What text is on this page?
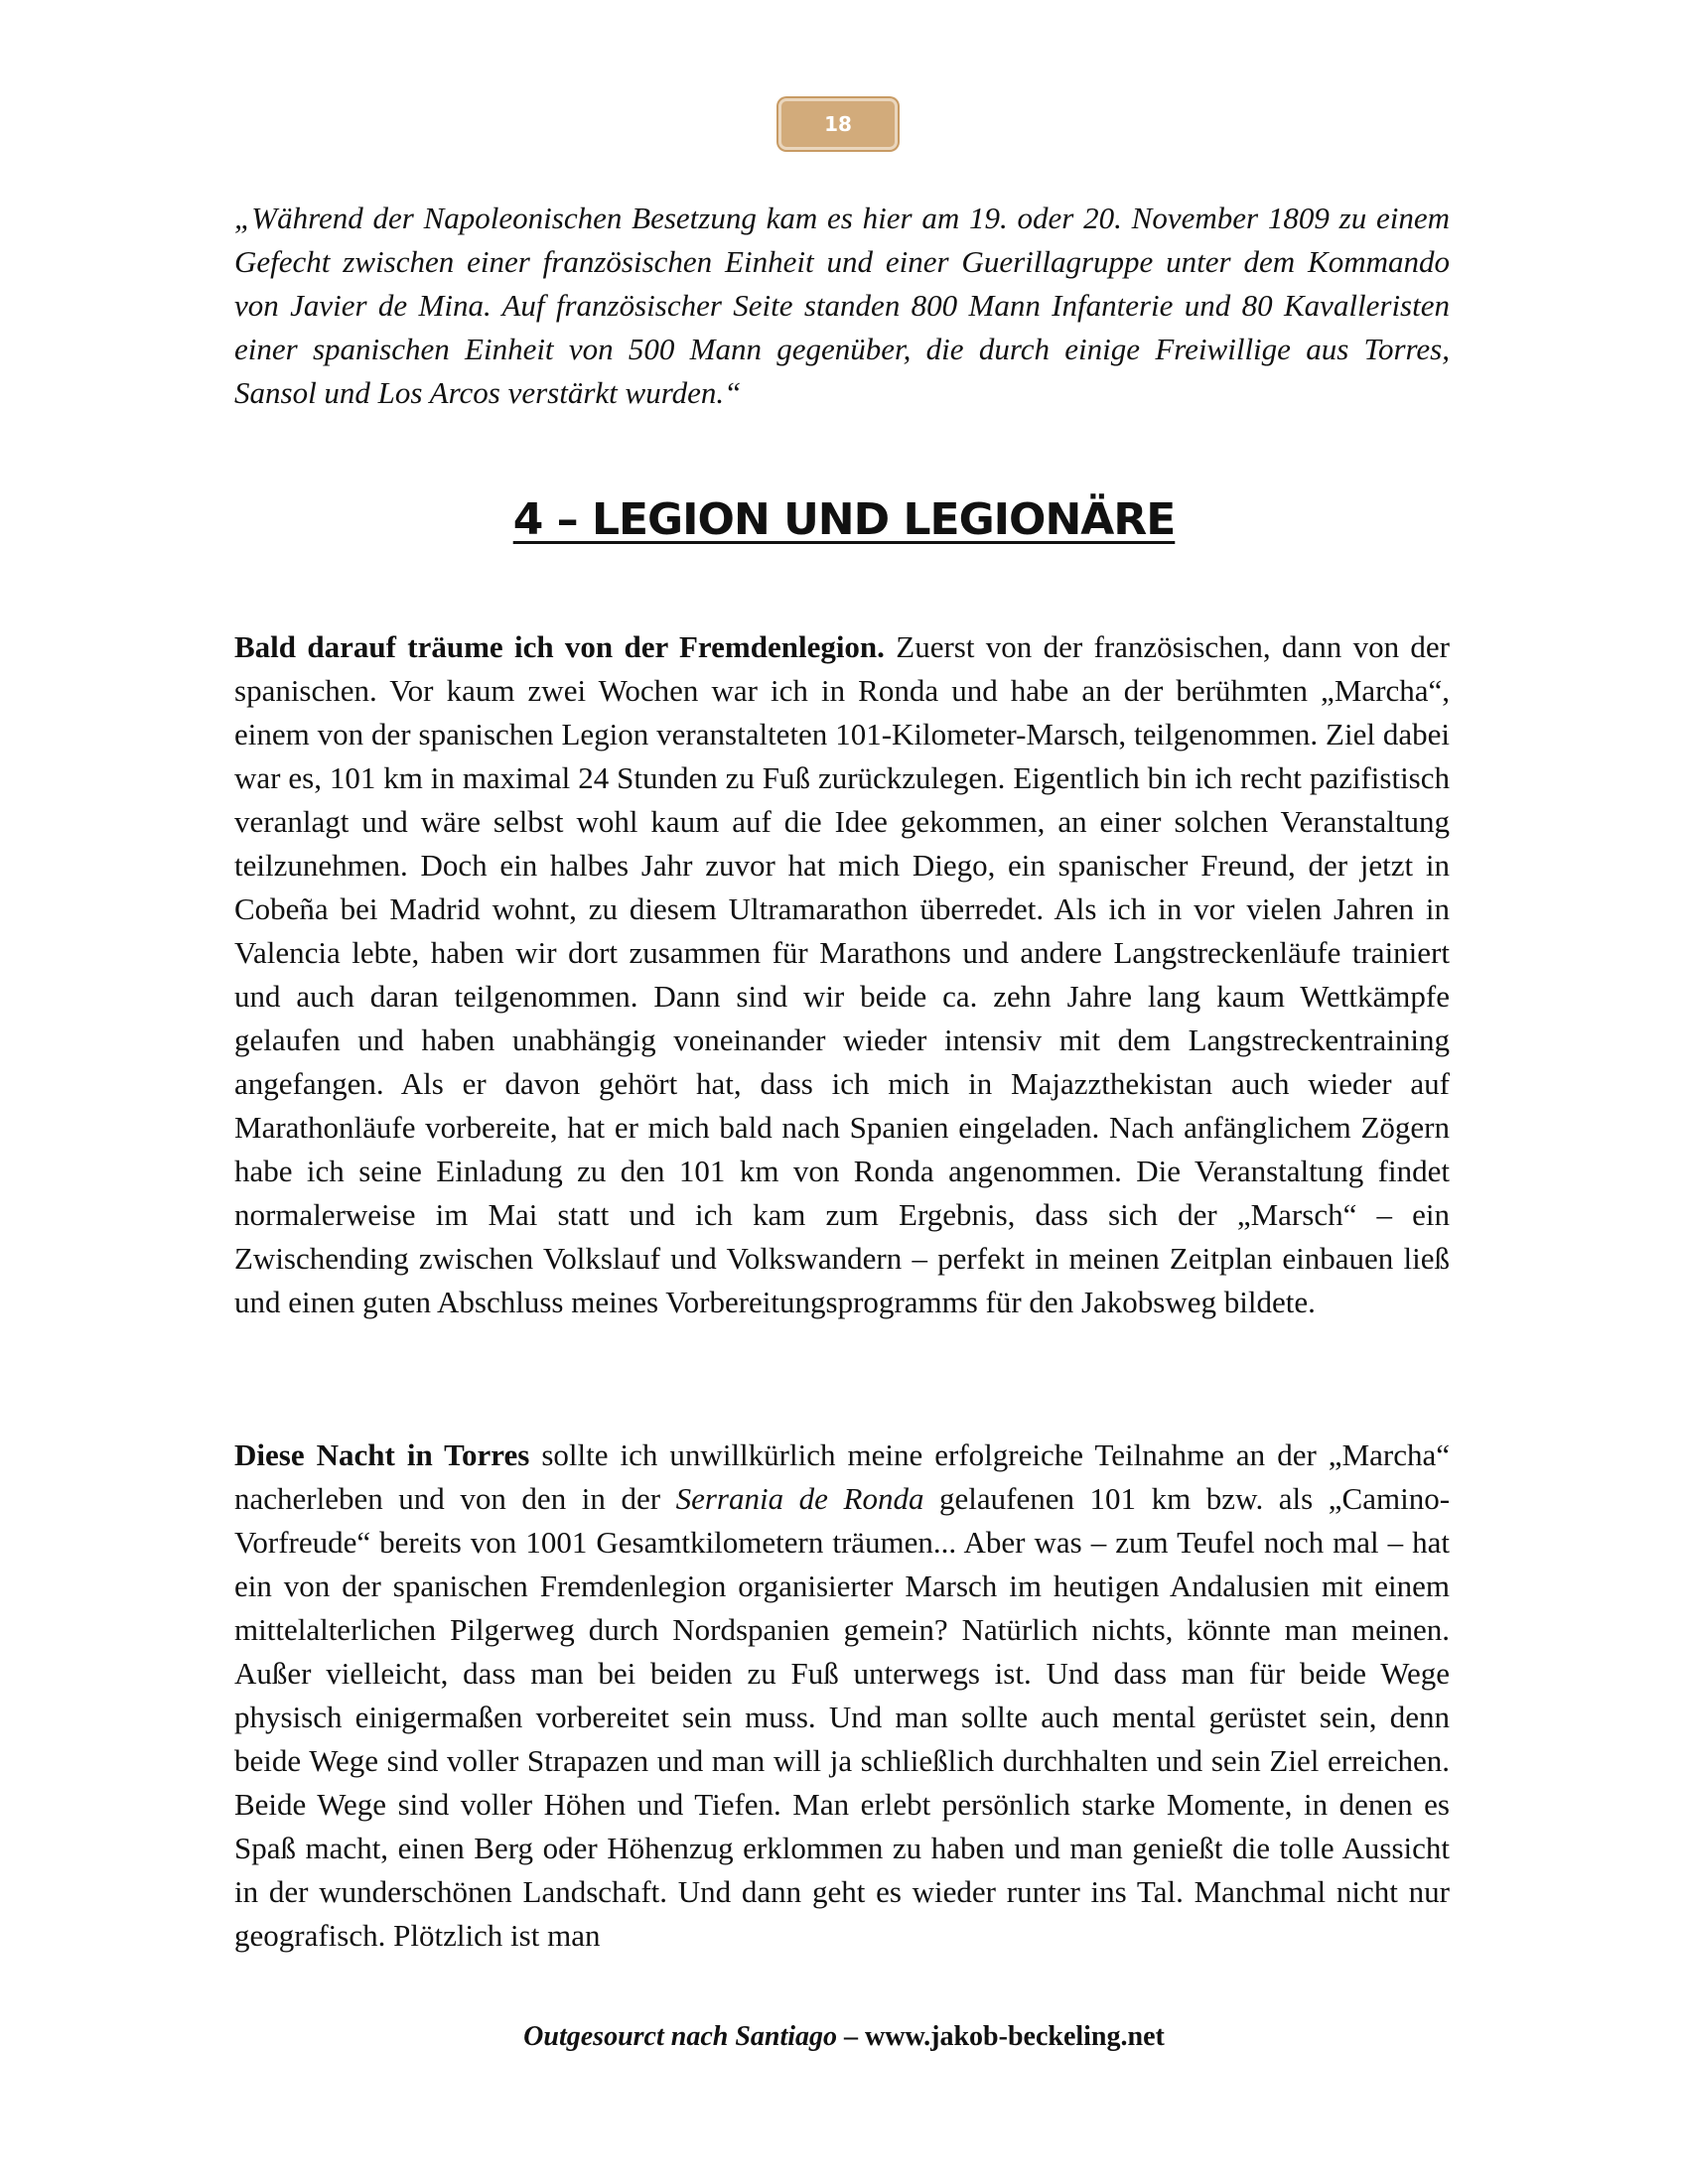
18

„Während der Napoleonischen Besetzung kam es hier am 19. oder 20. November 1809 zu einem Gefecht zwischen einer französischen Einheit und einer Guerillagruppe unter dem Kommando von Javier de Mina. Auf französischer Seite standen 800 Mann Infanterie und 80 Kavalleristen einer spanischen Einheit von 500 Mann gegenüber, die durch einige Freiwillige aus Torres, Sansol und Los Arcos verstärkt wurden.“

4 – LEGION UND LEGIONÄRE

Bald darauf träume ich von der Fremdenlegion. Zuerst von der französischen, dann von der spanischen. Vor kaum zwei Wochen war ich in Ronda und habe an der berühmten „Marcha“, einem von der spanischen Legion veranstalteten 101-Kilometer-Marsch, teilgenommen. Ziel dabei war es, 101 km in maximal 24 Stunden zu Fuß zurückzulegen. Eigentlich bin ich recht pazifistisch veranlagt und wäre selbst wohl kaum auf die Idee gekommen, an einer solchen Veranstaltung teilzunehmen. Doch ein halbes Jahr zuvor hat mich Diego, ein spanischer Freund, der jetzt in Cobeña bei Madrid wohnt, zu diesem Ultramarathon überredet. Als ich in vor vielen Jahren in Valencia lebte, haben wir dort zusammen für Marathons und andere Langstreckenläufe trainiert und auch daran teilgenommen. Dann sind wir beide ca. zehn Jahre lang kaum Wettkämpfe gelaufen und haben unabhängig voneinander wieder intensiv mit dem Langstreckentraining angefangen. Als er davon gehört hat, dass ich mich in Majazzthekistan auch wieder auf Marathonläufe vorbereite, hat er mich bald nach Spanien eingeladen. Nach anfänglichem Zögern habe ich seine Einladung zu den 101 km von Ronda angenommen. Die Veranstaltung findet normalerweise im Mai statt und ich kam zum Ergebnis, dass sich der „Marsch“ – ein Zwischending zwischen Volkslauf und Volkswandern – perfekt in meinen Zeitplan einbauen ließ und einen guten Abschluss meines Vorbereitungsprogramms für den Jakobsweg bildete.

Diese Nacht in Torres sollte ich unwillkürlich meine erfolgreiche Teilnahme an der „Marcha“ nacherleben und von den in der Serrania de Ronda gelaufenen 101 km bzw. als „Camino-Vorfreude“ bereits von 1001 Gesamtkilometern träumen... Aber was – zum Teufel noch mal – hat ein von der spanischen Fremdenlegion organisierter Marsch im heutigen Andalusien mit einem mittelalterlichen Pilgerweg durch Nordspanien gemein? Natürlich nichts, könnte man meinen. Außer vielleicht, dass man bei beiden zu Fuß unterwegs ist. Und dass man für beide Wege physisch einigermaßen vorbereitet sein muss. Und man sollte auch mental gerüstet sein, denn beide Wege sind voller Strapazen und man will ja schließlich durchhalten und sein Ziel erreichen. Beide Wege sind voller Höhen und Tiefen. Man erlebt persönlich starke Momente, in denen es Spaß macht, einen Berg oder Höhenzug erklommen zu haben und man genießt die tolle Aussicht in der wunderschönen Landschaft. Und dann geht es wieder runter ins Tal. Manchmal nicht nur geografisch. Plötzlich ist man

Outgesourct nach Santiago – www.jakob-beckeling.net
